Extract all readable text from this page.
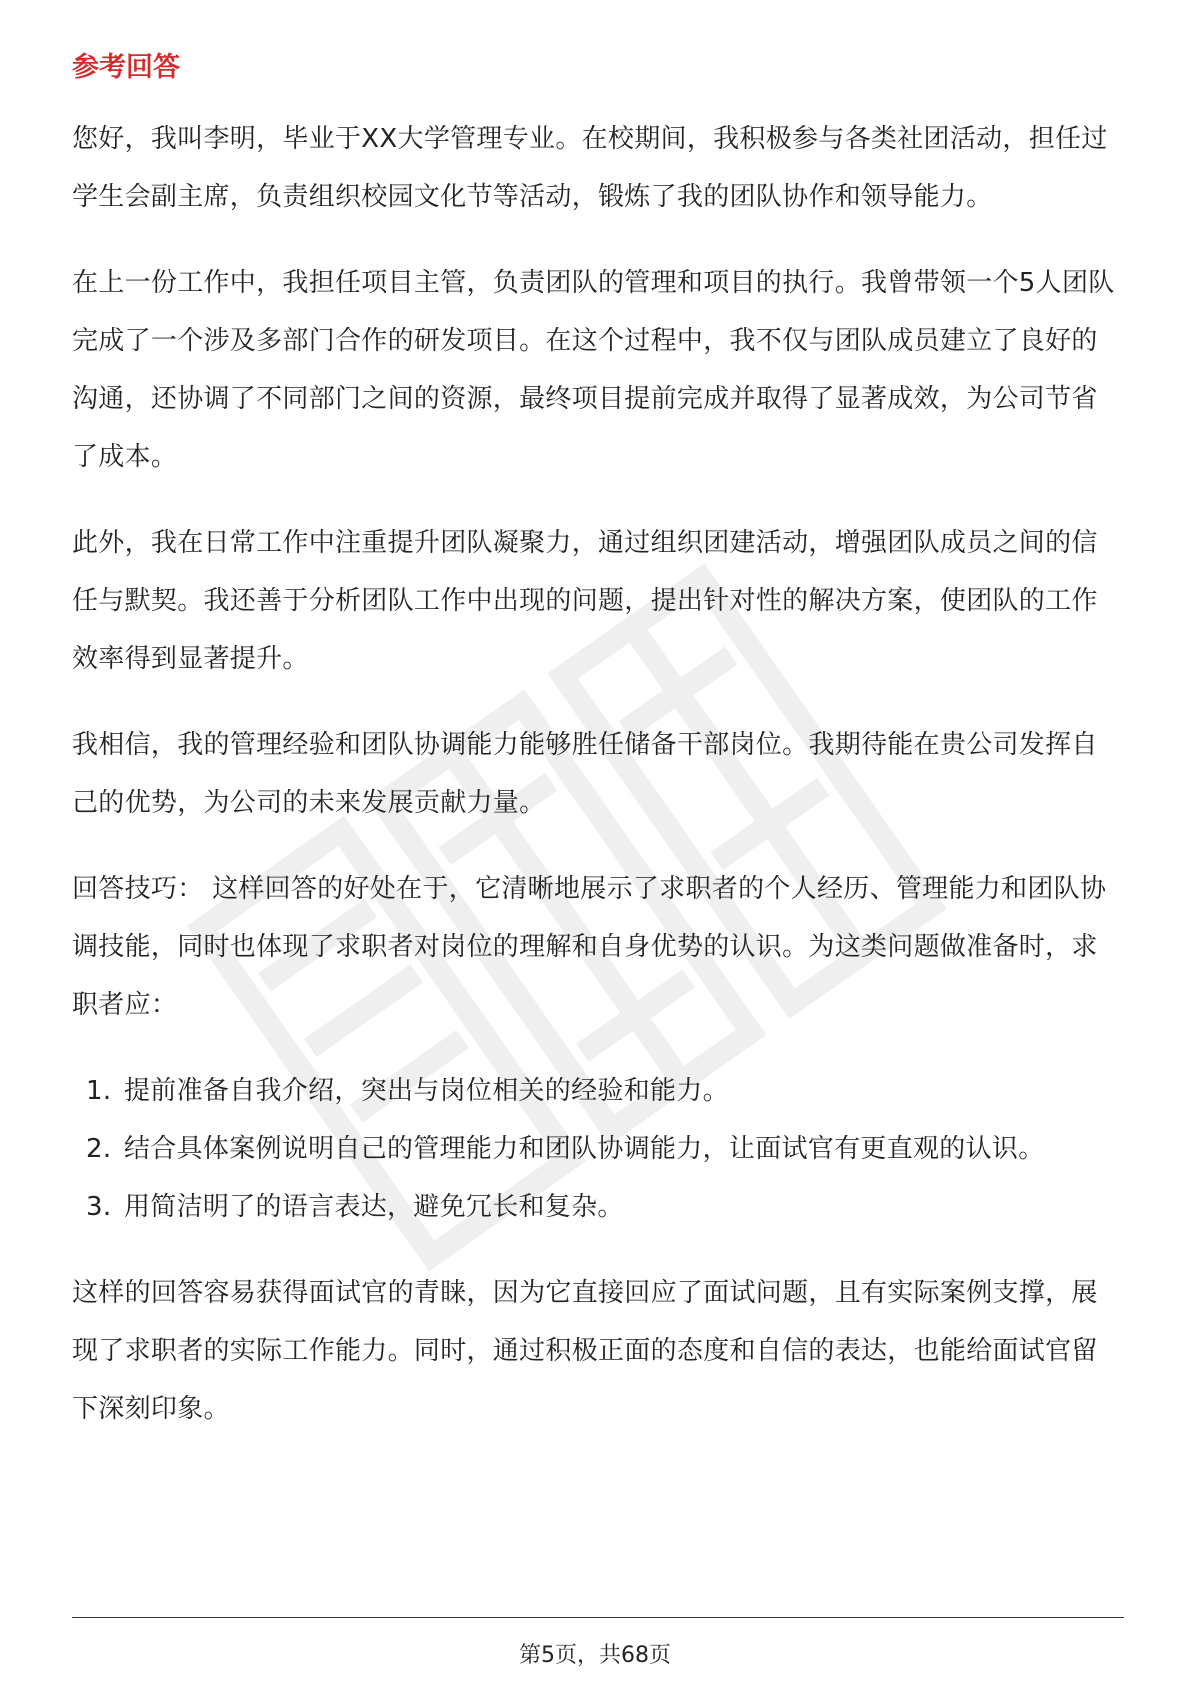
参考回答

您好，我叫李明，毕业于XX大学管理专业。在校期间，我积极参与各类社团活动，担任过学生会副主席，负责组织校园文化节等活动，锻炼了我的团队协作和领导能力。

在上一份工作中，我担任项目主管，负责团队的管理和项目的执行。我曾带领一个5人团队完成了一个涉及多部门合作的研发项目。在这个过程中，我不仅与团队成员建立了良好的沟通，还协调了不同部门之间的资源，最终项目提前完成并取得了显著成效，为公司节省了成本。

此外，我在日常工作中注重提升团队凝聚力，通过组织团建活动，增强团队成员之间的信任与默契。我还善于分析团队工作中出现的问题，提出针对性的解决方案，使团队的工作效率得到显著提升。

我相信，我的管理经验和团队协调能力能够胜任储备干部岗位。我期待能在贵公司发挥自己的优势，为公司的未来发展贡献力量。

回答技巧： 这样回答的好处在于，它清晰地展示了求职者的个人经历、管理能力和团队协调技能，同时也体现了求职者对岗位的理解和自身优势的认识。为这类问题做准备时，求职者应：

1. 提前准备自我介绍，突出与岗位相关的经验和能力。
2. 结合具体案例说明自己的管理能力和团队协调能力，让面试官有更直观的认识。
3. 用简洁明了的语言表达，避免冗长和复杂。

这样的回答容易获得面试官的青睐，因为它直接回应了面试问题，且有实际案例支撑，展现了求职者的实际工作能力。同时，通过积极正面的态度和自信的表达，也能给面试官留下深刻印象。

第5页，共68页
